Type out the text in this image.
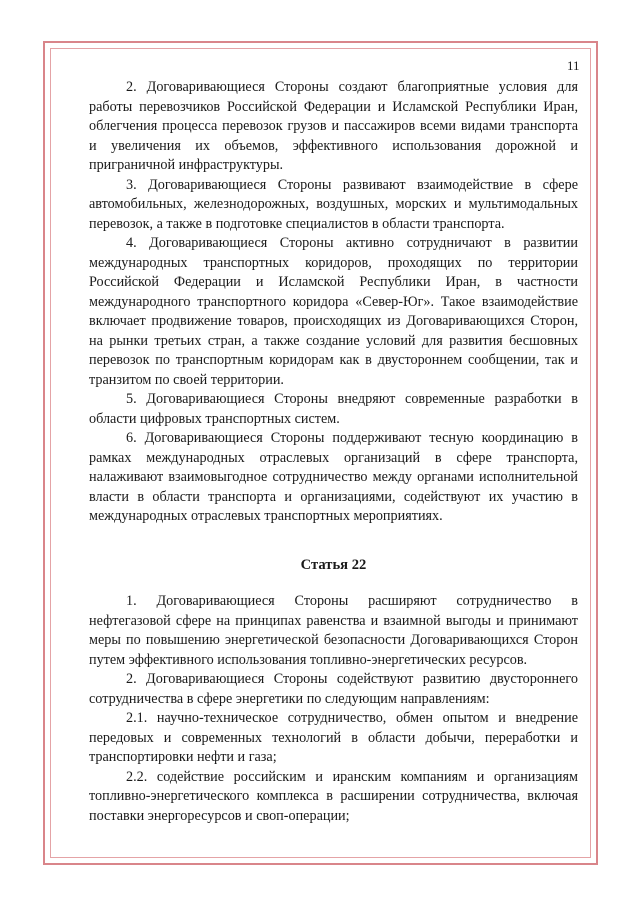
11

2. Договаривающиеся Стороны создают благоприятные условия для работы перевозчиков Российской Федерации и Исламской Республики Иран, облегчения процесса перевозок грузов и пассажиров всеми видами транспорта и увеличения их объемов, эффективного использования дорожной и приграничной инфраструктуры.

3. Договаривающиеся Стороны развивают взаимодействие в сфере автомобильных, железнодорожных, воздушных, морских и мультимодальных перевозок, а также в подготовке специалистов в области транспорта.

4. Договаривающиеся Стороны активно сотрудничают в развитии международных транспортных коридоров, проходящих по территории Российской Федерации и Исламской Республики Иран, в частности международного транспортного коридора «Север-Юг». Такое взаимодействие включает продвижение товаров, происходящих из Договаривающихся Сторон, на рынки третьих стран, а также создание условий для развития бесшовных перевозок по транспортным коридорам как в двустороннем сообщении, так и транзитом по своей территории.

5. Договаривающиеся Стороны внедряют современные разработки в области цифровых транспортных систем.

6. Договаривающиеся Стороны поддерживают тесную координацию в рамках международных отраслевых организаций в сфере транспорта, налаживают взаимовыгодное сотрудничество между органами исполнительной власти в области транспорта и организациями, содействуют их участию в международных отраслевых транспортных мероприятиях.

Статья 22

1. Договаривающиеся Стороны расширяют сотрудничество в нефтегазовой сфере на принципах равенства и взаимной выгоды и принимают меры по повышению энергетической безопасности Договаривающихся Сторон путем эффективного использования топливно-энергетических ресурсов.

2. Договаривающиеся Стороны содействуют развитию двустороннего сотрудничества в сфере энергетики по следующим направлениям:

2.1. научно-техническое сотрудничество, обмен опытом и внедрение передовых и современных технологий в области добычи, переработки и транспортировки нефти и газа;

2.2. содействие российским и иранским компаниям и организациям топливно-энергетического комплекса в расширении сотрудничества, включая поставки энергоресурсов и своп-операции;
